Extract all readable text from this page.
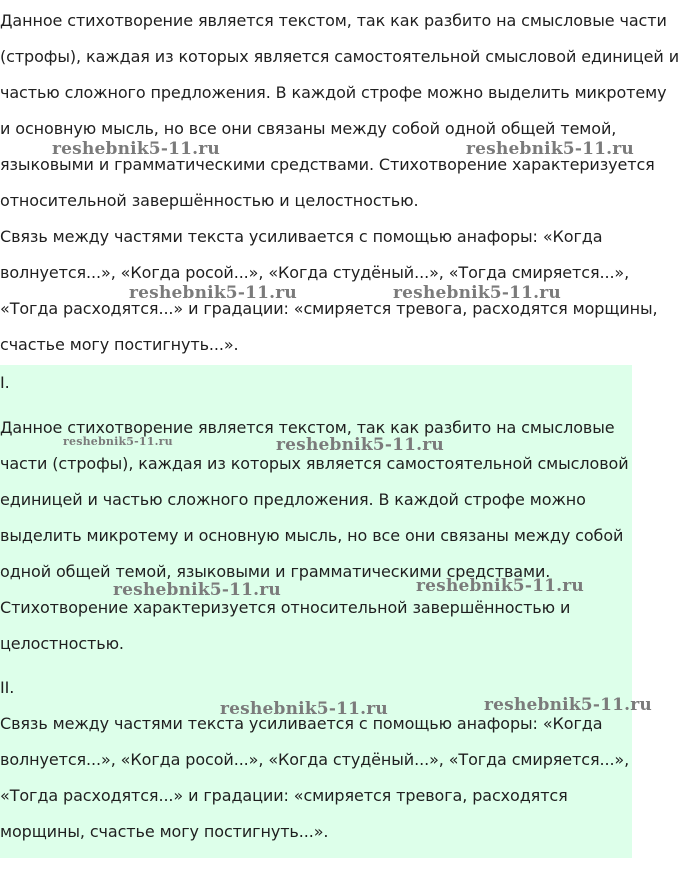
Данное стихотворение является текстом, так как разбито на смысловые части (строфы), каждая из которых является самостоятельной смысловой единицей и частью сложного предложения. В каждой строфе можно выделить микротему и основную мысль, но все они связаны между собой одной общей темой, языковыми и грамматическими средствами. Стихотворение характеризуется относительной завершённостью и целостностью.

Связь между частями текста усиливается с помощью анафоры: «Когда волнуется...», «Когда росой...», «Когда студёный...», «Тогда смиряется...», «Тогда расходятся...» и градации: «смиряется тревога, расходятся морщины, счастье могу постигнуть...».

I.

Данное стихотворение является текстом, так как разбито на смысловые части (строфы), каждая из которых является самостоятельной смысловой единицей и частью сложного предложения. В каждой строфе можно выделить микротему и основную мысль, но все они связаны между собой одной общей темой, языковыми и грамматическими средствами. Стихотворение характеризуется относительной завершённостью и целостностью.

II.

Связь между частями текста усиливается с помощью анафоры: «Когда волнуется...», «Когда росой...», «Когда студёный...», «Тогда смиряется...», «Тогда расходятся...» и градации: «смиряется тревога, расходятся морщины, счастье могу постигнуть...».

reshebnik5-11.ru	reshebnik5-11.ru
reshebnik5-11.ru	reshebnik5-11.ru
reshebnik5-11.ru	reshebnik5-11.ru
reshebnik5-11.ru	reshebnik5-11.ru
reshebnik5-11.ru	reshebnik5-11.ru
